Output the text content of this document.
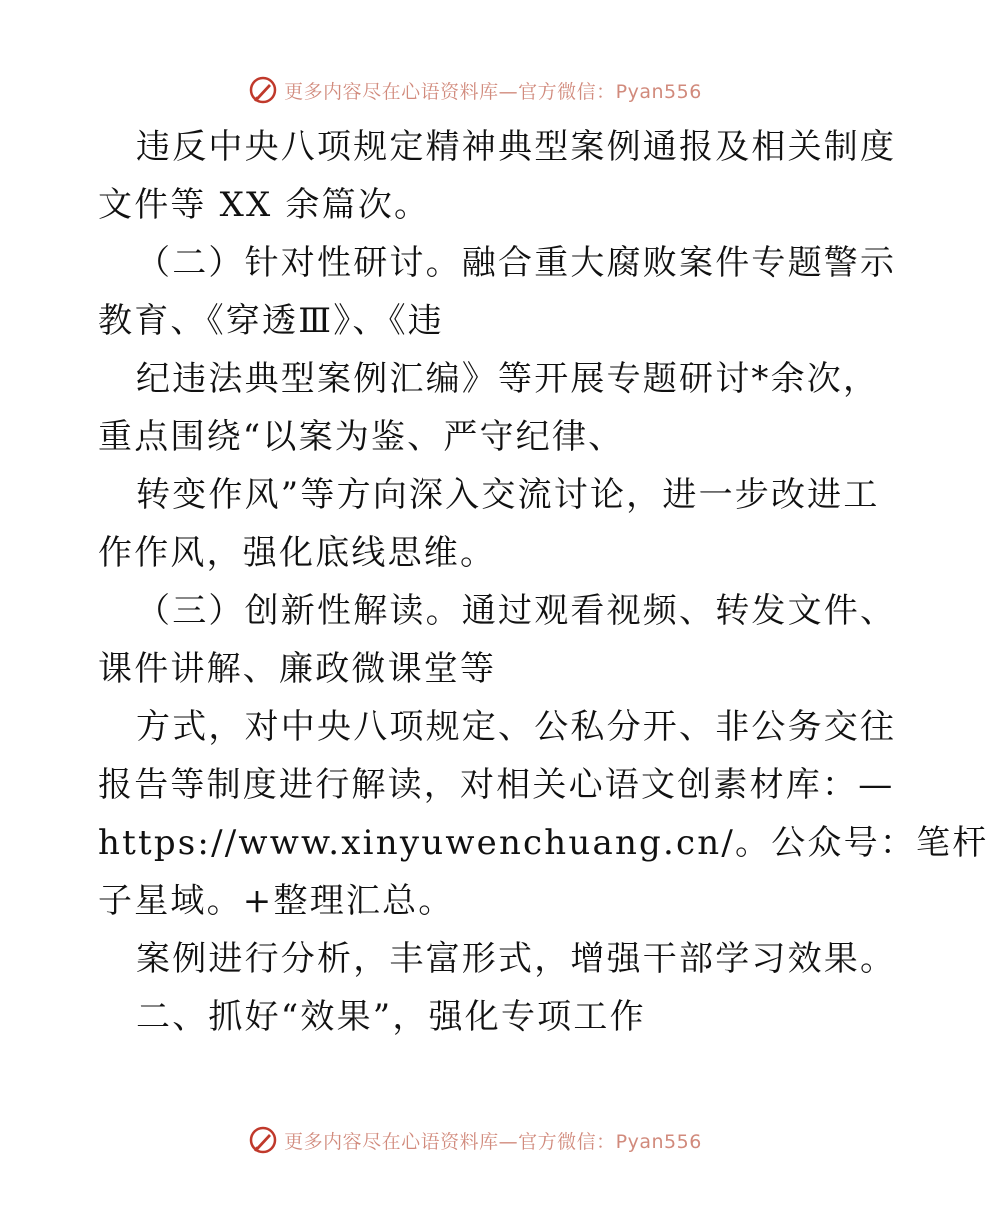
更多内容尽在心语资料库—官方微信：Pyan556
违反中央八项规定精神典型案例通报及相关制度
文件等 XX 余篇次。
（二）针对性研讨。融合重大腐败案件专题警示
教育、《穿透Ⅲ》、《违
纪违法典型案例汇编》等开展专题研讨*余次，
重点围绕“以案为鉴、严守纪律、
转变作风”等方向深入交流讨论，进一步改进工
作作风，强化底线思维。
（三）创新性解读。通过观看视频、转发文件、
课件讲解、廉政微课堂等
方式，对中央八项规定、公私分开、非公务交往
报告等制度进行解读，对相关心语文创素材库：—
https://www.xinyuwenchuang.cn/。公众号：笔杆
子星域。+整理汇总。
案例进行分析，丰富形式，增强干部学习效果。
二、抓好“效果”，强化专项工作
更多内容尽在心语资料库—官方微信：Pyan556
